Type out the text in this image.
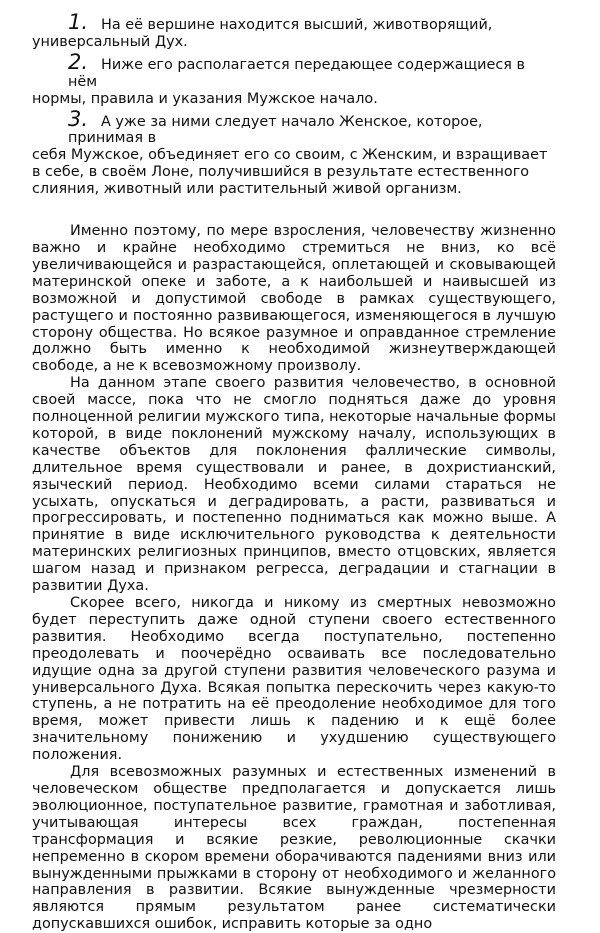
1. На её вершине находится высший, животворящий,
универсальный Дух.
2. Ниже его располагается передающее содержащиеся в нём
нормы, правила и указания Мужское начало.
3. А уже за ними следует начало Женское, которое, принимая в
себя Мужское, объединяет его со своим, с Женским, и взращивает в себе, в своём Лоне, получившийся в результате естественного слияния, животный или растительный живой организм.

Именно поэтому, по мере взросления, человечеству жизненно важно и крайне необходимо стремиться не вниз, ко всё увеличивающейся и разрастающейся, оплетающей и сковывающей материнской опеке и заботе, а к наибольшей и наивысшей из возможной и допустимой свободе в рамках существующего, растущего и постоянно развивающегося, изменяющегося в лучшую сторону общества. Но всякое разумное и оправданное стремление должно быть именно к необходимой жизнеутверждающей свободе, а не к всевозможному произволу.

На данном этапе своего развития человечество, в основной своей массе, пока что не смогло подняться даже до уровня полноценной религии мужского типа, некоторые начальные формы которой, в виде поклонений мужскому началу, использующих в качестве объектов для поклонения фаллические символы, длительное время существовали и ранее, в дохристианский, языческий период. Необходимо всеми силами стараться не усыхать, опускаться и деградировать, а расти, развиваться и прогрессировать, и постепенно подниматься как можно выше. А принятие в виде исключительного руководства к деятельности материнских религиозных принципов, вместо отцовских, является шагом назад и признаком регресса, деградации и стагнации в развитии Духа.

Скорее всего, никогда и никому из смертных невозможно будет переступить даже одной ступени своего естественного развития. Необходимо всегда поступательно, постепенно преодолевать и поочерёдно осваивать все последовательно идущие одна за другой ступени развития человеческого разума и универсального Духа. Всякая попытка перескочить через какую-то ступень, а не потратить на её преодоление необходимое для того время, может привести лишь к падению и к ещё более значительному понижению и ухудшению существующего положения.

Для всевозможных разумных и естественных изменений в человеческом обществе предполагается и допускается лишь эволюционное, поступательное развитие, грамотная и заботливая, учитывающая интересы всех граждан, постепенная трансформация и всякие резкие, революционные скачки непременно в скором времени оборачиваются падениями вниз или вынужденными прыжками в сторону от необходимого и желанного направления в развитии. Всякие вынужденные чрезмерности являются прямым результатом ранее систематически допускавшихся ошибок, исправить которые за одно
